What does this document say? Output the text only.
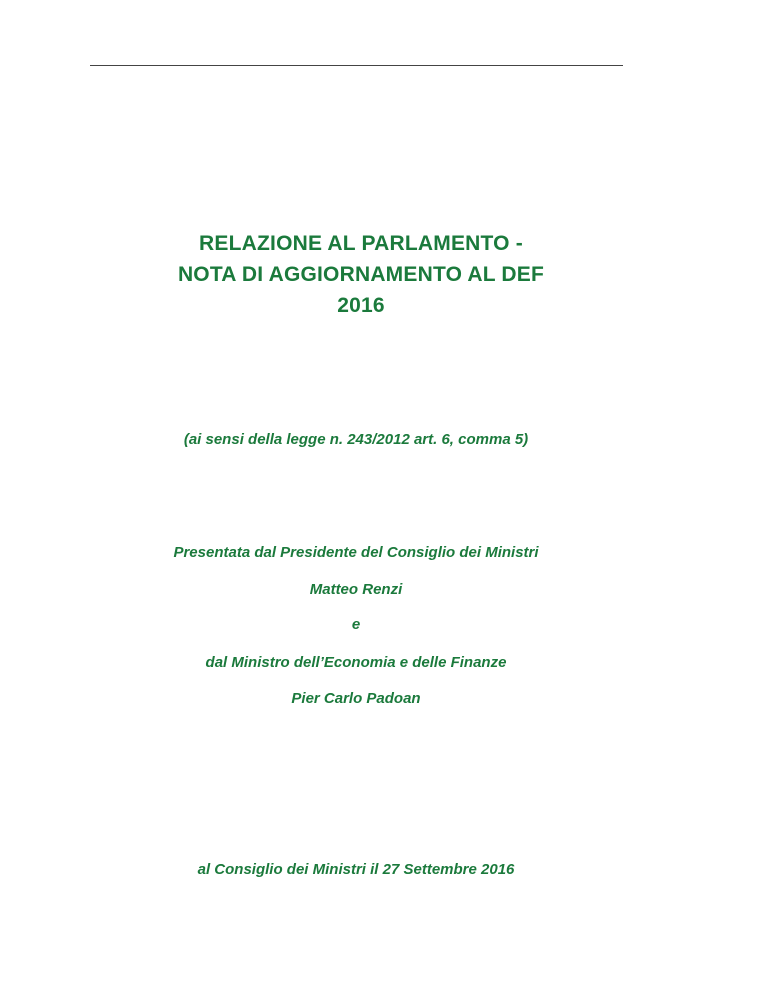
RELAZIONE AL PARLAMENTO -
NOTA DI AGGIORNAMENTO AL DEF
2016
(ai sensi della legge n. 243/2012 art. 6, comma 5)
Presentata dal Presidente del Consiglio dei Ministri
Matteo Renzi
e
dal Ministro dell’Economia e delle Finanze
Pier Carlo Padoan
al Consiglio dei Ministri il 27 Settembre 2016
